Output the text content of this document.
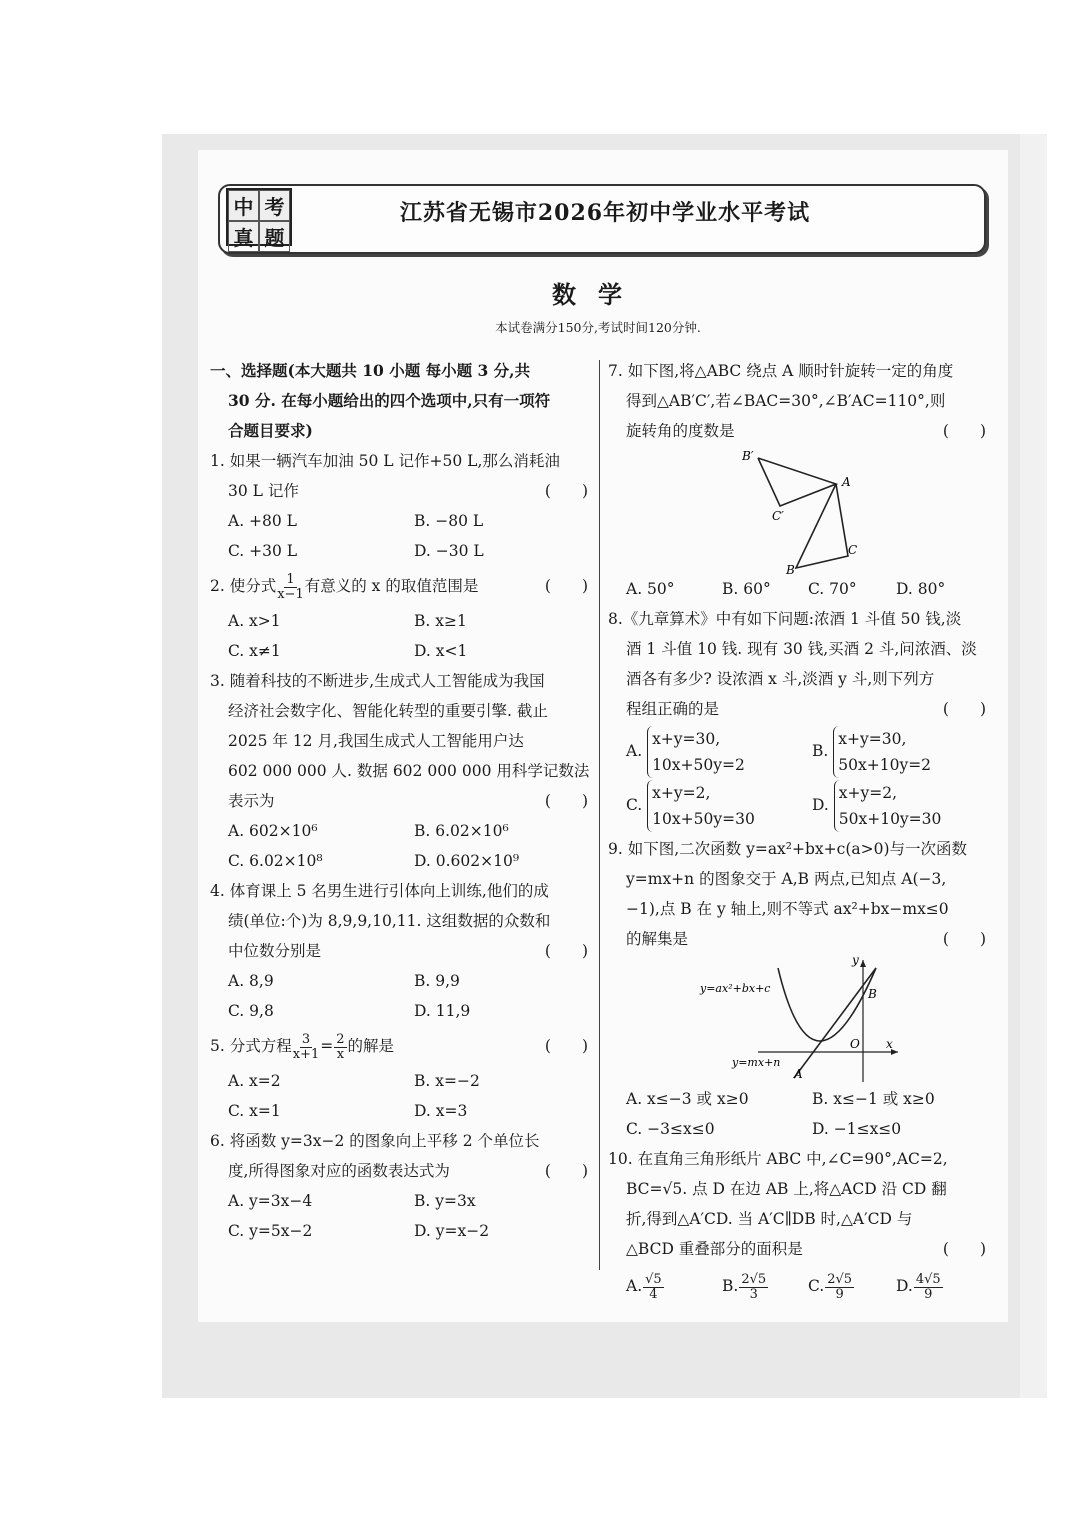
中 考
真 题
江苏省无锡市2026年初中学业水平考试
数学
本试卷满分150分,考试时间120分钟.
一、选择题(本大题共 10 小题 每小题 3 分,共
30 分. 在每小题给出的四个选项中,只有一项符
合题目要求)
1. 如果一辆汽车加油 50 L 记作+50 L,那么消耗油
30 L 记作	(　　)
A. +80 L	B. −80 L
C. +30 L	D. −30 L
2. 使分式 $\frac{1}{x-1}$ 有意义的 x 的取值范围是	(　　)
A. x>1	B. x≥1
C. x≠1	D. x<1
3. 随着科技的不断进步,生成式人工智能成为我国
经济社会数字化、智能化转型的重要引擎. 截止
2025 年 12 月,我国生成式人工智能用户达
602 000 000 人. 数据 602 000 000 用科学记数法
表示为	(　　)
A. 602×10⁶	B. 6.02×10⁶
C. 6.02×10⁸	D. 0.602×10⁹
4. 体育课上 5 名男生进行引体向上训练,他们的成
绩(单位:个)为 8,9,9,10,11. 这组数据的众数和
中位数分别是	(　　)
A. 8,9	B. 9,9
C. 9,8	D. 11,9
5. 分式方程 $\frac{3}{x+1} = \frac{2}{x}$ 的解是	(　　)
A. x=2	B. x=−2
C. x=1	D. x=3
6. 将函数 y=3x−2 的图象向上平移 2 个单位长
度,所得图象对应的函数表达式为	(　　)
A. y=3x−4	B. y=3x
C. y=5x−2	D. y=x−2
7. 如下图,将△ABC 绕点 A 顺时针旋转一定的角度
得到△AB′C′,若∠BAC=30°,∠B′AC=110°,则
旋转角的度数是	(　　)
B′
A
C′
C
B
A. 50°	B. 60°	C. 70°	D. 80°
8.《九章算术》中有如下问题:浓酒 1 斗值 50 钱,淡
酒 1 斗值 10 钱. 现有 30 钱,买酒 2 斗,问浓酒、淡
酒各有多少? 设浓酒 x 斗,淡酒 y 斗,则下列方
程组正确的是	(　　)
A.
x+y=30,
10x+50y=2
B.
x+y=30,
50x+10y=2
C.
x+y=2,
10x+50y=30
D.
x+y=2,
50x+10y=30
9. 如下图,二次函数 y=ax²+bx+c(a>0)与一次函数
y=mx+n 的图象交于 A,B 两点,已知点 A(−3,
−1),点 B 在 y 轴上,则不等式 ax²+bx−mx≤0
的解集是	(　　)
y
y=ax²+bx+c	B
O x
y=mx+n
A
A. x≤−3 或 x≥0	B. x≤−1 或 x≥0
C. −3≤x≤0	D. −1≤x≤0
10. 在直角三角形纸片 ABC 中,∠C=90°,AC=2,
BC=√5. 点 D 在边 AB 上,将△ACD 沿 CD 翻
折,得到△A′CD. 当 A′C∥DB 时,△A′CD 与
△BCD 重叠部分的面积是	(　　)
A. $\frac{√5}{4}$	B. $\frac{2√5}{3}$	C. $\frac{2√5}{9}$	D. $\frac{4√5}{9}$
